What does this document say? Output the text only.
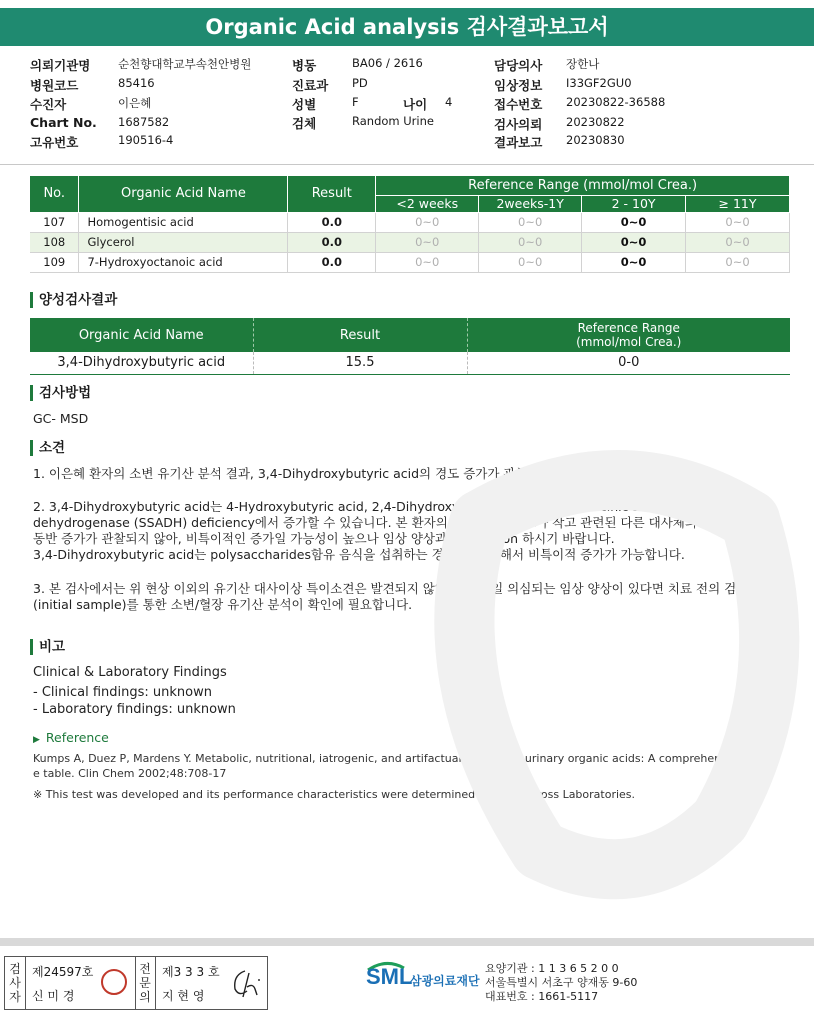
Organic Acid analysis 검사결과보고서
의뢰기관명 순천향대학교부속천안병원
병원코드	85416
수진자	이은혜
Chart No. 1687582
고유번호	190516-4
병동	BA06 / 2616
진료과 PD
성별	F	나이 4
검체	Random Urine
담당의사 장한나
임상정보 I33GF2GU0
접수번호 20230822-36588
검사의뢰 20230822
결과보고 20230830
No.	Organic Acid Name	Result	Reference Range (mmol/mol Crea.)			
			<2 weeks	2weeks-1Y	2 - 10Y	≥ 11Y
107	Homogentisic acid	0.0	0~0	0~0	0~0	0~0
108	Glycerol	0.0	0~0	0~0	0~0	0~0
109	7-Hydroxyoctanoic acid	0.0	0~0	0~0	0~0	0~0
양성검사결과
Organic Acid Name	Result	Reference Range
(mmol/mol Crea.)

3,4-Dihydroxybutyric acid	15.5	0-0
검사방법
GC- MSD
소견
1. 이은혜 환자의 소변 유기산 분석 결과, 3,4-Dihydroxybutyric acid의 경도 증가가 관찰되었습니다.
2. 3,4-Dihydroxybutyric acid는 4-Hydroxybutyric acid, 2,4-Dihydroxybutyric acid와 함께 Succinic semialdehyde
dehydrogenase (SSADH) deficiency에서 증가할 수 있습니다. 본 환자의 경우, 증가 정도가 작고 관련된 다른 대사체의 유의미한
동반 증가가 관찰되지 않아, 비특이적인 증가일 가능성이 높으나 임상 양상과 correlation 하시기 바랍니다.
3,4-Dihydroxybutyric acid는 polysaccharides함유 음식을 섭취하는 경우 등에 의해서 비특이적 증가가 가능합니다.
3. 본 검사에서는 위 현상 이외의 유기산 대사이상 특이소견은 발견되지 않았으나, 만일 의심되는 임상 양상이 있다면 치료 전의 검체
(initial sample)를 통한 소변/혈장 유기산 분석이 확인에 필요합니다.
비고
Clinical & Laboratory Findings
- Clinical findings: unknown
- Laboratory findings: unknown
▶ Reference
Kumps A, Duez P, Mardens Y. Metabolic, nutritional, iatrogenic, and artifactual sources of urinary organic acids: A comprehensiv
e table. Clin Chem 2002;48:708-17
※ This test was developed and its performance characteristics were determined by GreenCross Laboratories.
검사자
제24597호
신 미 경
전문의
제3 3 3 호
지 현 영
SML
삼광의료재단
요양기관 : 1 1 3 6 5 2 0 0
서울특별시 서초구 양재동 9-60
대표번호 : 1661-5117
